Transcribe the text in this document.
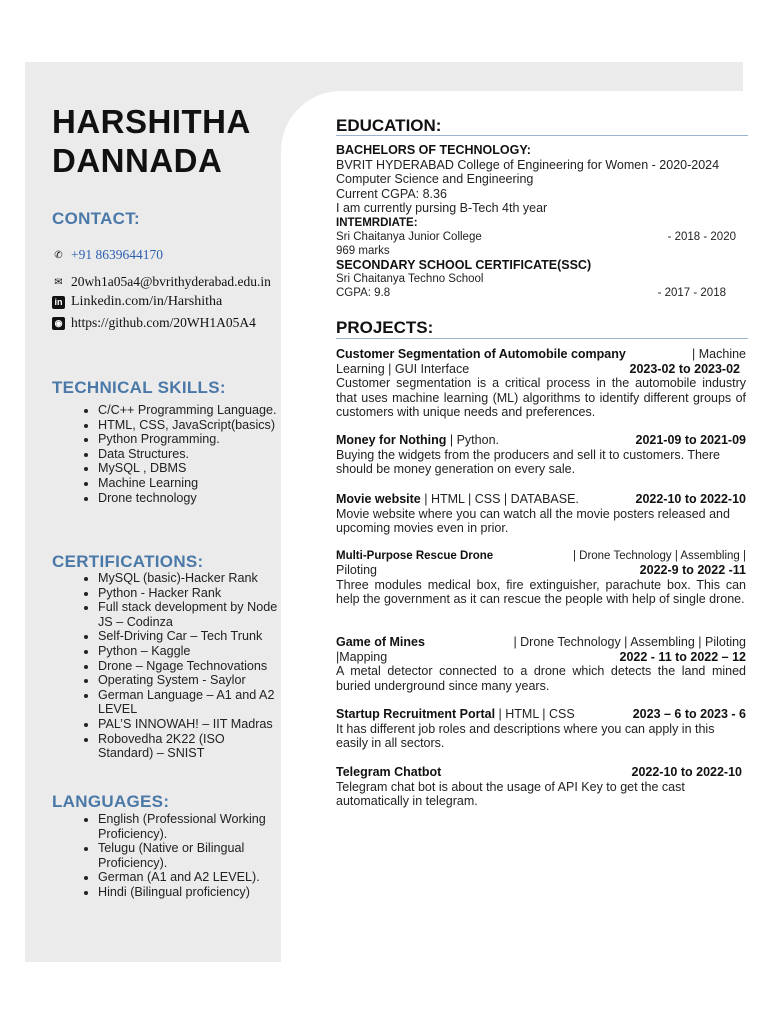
HARSHITHA
DANNADA
CONTACT:
✆ +91 8639644170
✉ 20wh1a05a4@bvrithyderabad.edu.in
in Linkedin.com/in/Harshitha
◉ https://github.com/20WH1A05A4
TECHNICAL SKILLS:
• C/C++ Programming Language.
• HTML, CSS, JavaScript(basics)
• Python Programming.
• Data Structures.
• MySQL , DBMS
• Machine Learning
• Drone technology
CERTIFICATIONS:
• MySQL (basic)-Hacker Rank
• Python - Hacker Rank
• Full stack development by Node JS – Codinza
• Self-Driving Car – Tech Trunk
• Python – Kaggle
• Drone – Ngage Technovations
• Operating System - Saylor
• German Language – A1 and A2 LEVEL
• PAL’S INNOWAH! – IIT Madras
• Robovedha 2K22 (ISO Standard) – SNIST
LANGUAGES:
• English (Professional Working Proficiency).
• Telugu (Native or Bilingual Proficiency).
• German (A1 and A2 LEVEL).
• Hindi (Bilingual proficiency)
EDUCATION:
BACHELORS OF TECHNOLOGY:
BVRIT HYDERABAD College of Engineering for Women - 2020-2024
Computer Science and Engineering
Current CGPA: 8.36
I am currently pursing B-Tech 4th year
INTEMRDIATE:
Sri Chaitanya Junior College	- 2018 - 2020
969 marks
SECONDARY SCHOOL CERTIFICATE(SSC)
Sri Chaitanya Techno School
CGPA: 9.8	- 2017 - 2018
PROJECTS:
Customer Segmentation of Automobile company	| Machine
Learning | GUI Interface	2023-02 to 2023-02
Customer segmentation is a critical process in the automobile industry that uses machine learning (ML) algorithms to identify different groups of customers with unique needs and preferences.
Money for Nothing | Python.	2021-09 to 2021-09
Buying the widgets from the producers and sell it to customers. There should be money generation on every sale.
Movie website | HTML | CSS | DATABASE.	2022-10 to 2022-10
Movie website where you can watch all the movie posters released and upcoming movies even in prior.
Multi-Purpose Rescue Drone	| Drone Technology | Assembling |
Piloting	2022-9 to 2022 -11
Three modules medical box, fire extinguisher, parachute box. This can help the government as it can rescue the people with help of single drone.
Game of Mines	| Drone Technology | Assembling | Piloting
|Mapping	2022 - 11 to 2022 – 12
A metal detector connected to a drone which detects the land mined buried underground since many years.
Startup Recruitment Portal | HTML | CSS	2023 – 6 to 2023 - 6
It has different job roles and descriptions where you can apply in this easily in all sectors.
Telegram Chatbot	2022-10 to 2022-10
Telegram chat bot is about the usage of API Key to get the cast automatically in telegram.
